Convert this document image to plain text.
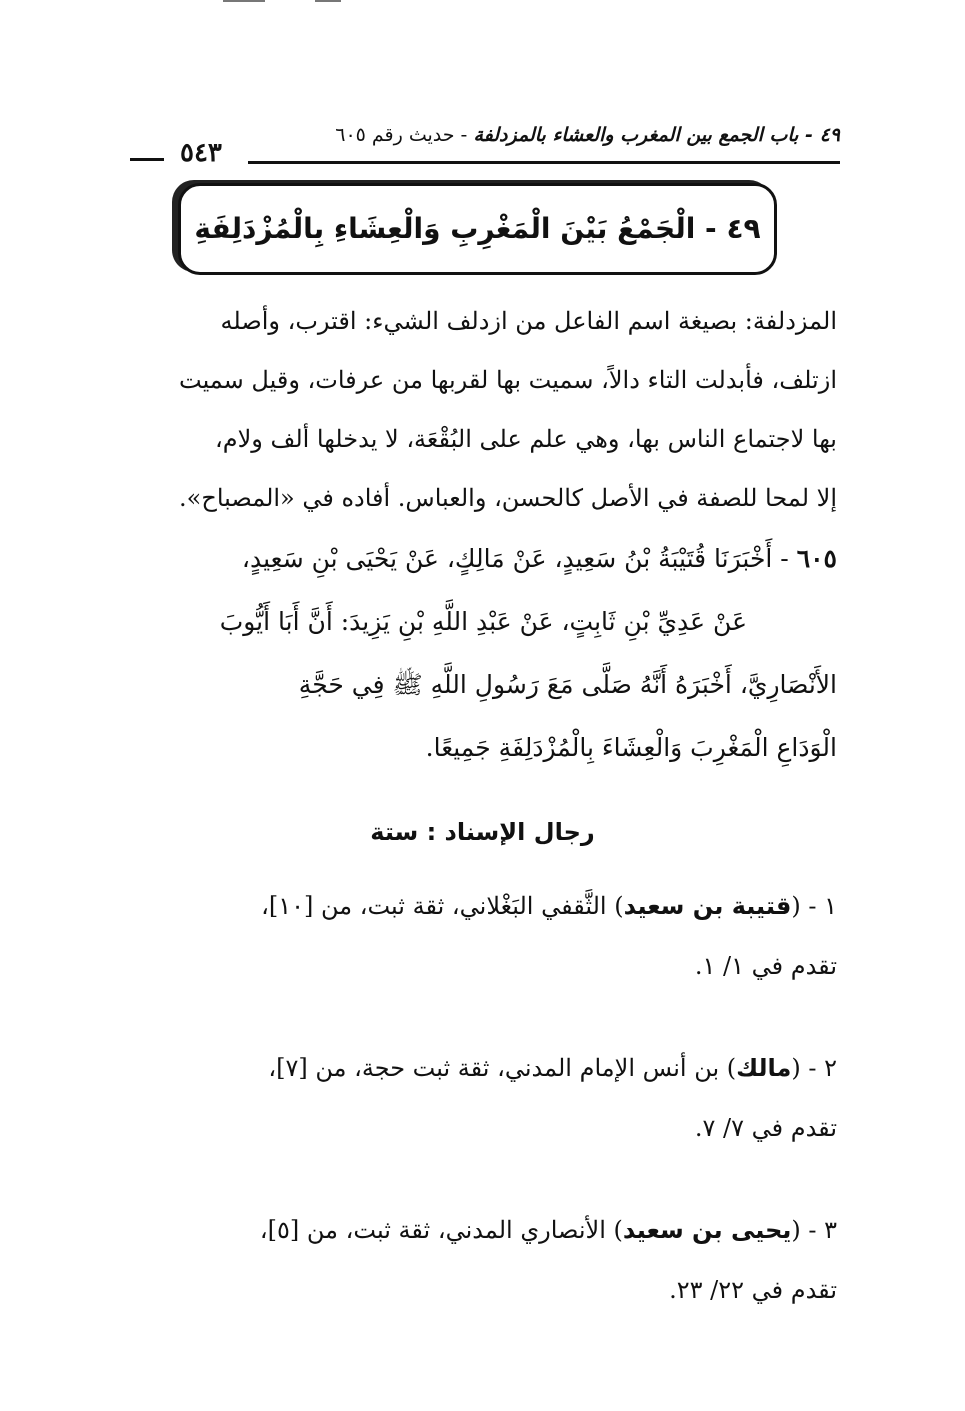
٥٤٣
٤٩ - باب الجمع بين المغرب والعشاء بالمزدلفة - حديث رقم ٦٠٥
٤٩ - الْجَمْعُ بَيْنَ الْمَغْرِبِ وَالْعِشَاءِ بِالْمُزْدَلِفَةِ
المزدلفة: بصيغة اسم الفاعل من ازدلف الشيء: اقترب، وأصله
ازتلف، فأبدلت التاء دالاً، سميت بها لقربها من عرفات، وقيل سميت
بها لاجتماع الناس بها، وهي علم على البُقْعَة، لا يدخلها ألف ولام،
إلا لمحا للصفة في الأصل كالحسن، والعباس. أفاده في «المصباح».
٦٠٥ - أَخْبَرَنَا قُتَيْبَةُ بْنُ سَعِيدٍ، عَنْ مَالِكٍ، عَنْ يَحْيَى بْنِ سَعِيدٍ،
عَنْ عَدِيِّ بْنِ ثَابِتٍ، عَنْ عَبْدِ اللَّهِ بْنِ يَزِيدَ: أَنَّ أَبَا أَيُّوبَ
الأَنْصَارِيَّ، أَخْبَرَهُ أَنَّهُ صَلَّى مَعَ رَسُولِ اللَّهِ ﷺ فِي حَجَّةِ
الْوَدَاعِ الْمَغْرِبَ وَالْعِشَاءَ بِالْمُزْدَلِفَةِ جَمِيعًا.
رجال الإسناد : ستة
١ - (قتيبة بن سعيد) الثَّقفي البَغْلاني، ثقة ثبت، من [١٠]،
تقدم في ١/ ١.
٢ - (مالك) بن أنس الإمام المدني، ثقة ثبت حجة، من [٧]،
تقدم في ٧/ ٧.
٣ - (يحيى بن سعيد) الأنصاري المدني، ثقة ثبت، من [٥]،
تقدم في ٢٢/ ٢٣.
